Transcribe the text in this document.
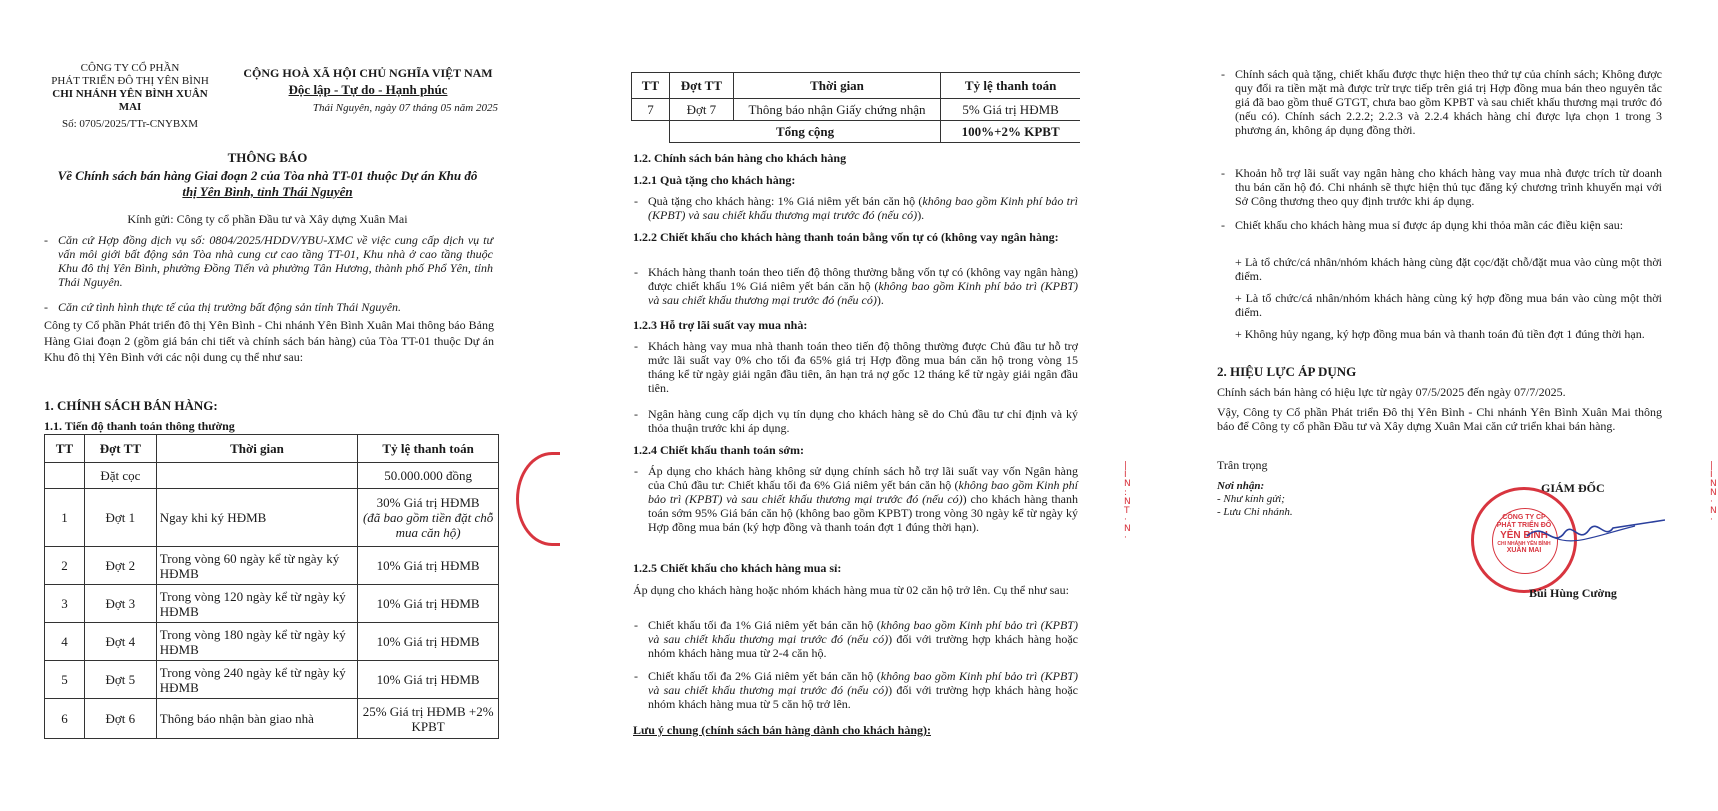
CÔNG TY CỔ PHẦN
PHÁT TRIỂN ĐÔ THỊ YÊN BÌNH
CHI NHÁNH YÊN BÌNH XUÂN MAI
Số: 0705/2025/TTr-CNYBXM
CỘNG HOÀ XÃ HỘI CHỦ NGHĨA VIỆT NAM
Độc lập - Tự do - Hạnh phúc
Thái Nguyên, ngày 07 tháng 05 năm 2025
THÔNG BÁO
Về Chính sách bán hàng Giai đoạn 2 của Tòa nhà TT-01 thuộc Dự án Khu đô
thị Yên Bình, tỉnh Thái Nguyên
Kính gửi: Công ty cổ phần Đầu tư và Xây dựng Xuân Mai
- Căn cứ Hợp đồng dịch vụ số: 0804/2025/HDDV/YBU-XMC về việc cung cấp dịch vụ tư vấn môi giới bất động sản Tòa nhà cung cư cao tầng TT-01, Khu nhà ở cao tầng thuộc Khu đô thị Yên Bình, phường Đồng Tiến và phường Tân Hương, thành phố Phổ Yên, tỉnh Thái Nguyên.
- Căn cứ tình hình thực tế của thị trường bất động sản tỉnh Thái Nguyên.
Công ty Cổ phần Phát triển đô thị Yên Bình - Chi nhánh Yên Bình Xuân Mai thông báo Bảng Hàng Giai đoạn 2 (gồm giá bán chi tiết và chính sách bán hàng) của Tòa TT-01 thuộc Dự án Khu đô thị Yên Bình với các nội dung cụ thể như sau:
1. CHÍNH SÁCH BÁN HÀNG:
1.1. Tiến độ thanh toán thông thường
TT	Đợt TT	Thời gian	Tỷ lệ thanh toán
	Đặt cọc		50.000.000 đồng
1	Đợt 1	Ngay khi ký HĐMB	30% Giá trị HĐMB
(đã bao gồm tiền đặt chỗ mua căn hộ)

2	Đợt 2	Trong vòng 60 ngày kể từ ngày ký HĐMB	10% Giá trị HĐMB
3	Đợt 3	Trong vòng 120 ngày kể từ ngày ký HĐMB	10% Giá trị HĐMB
4	Đợt 4	Trong vòng 180 ngày kể từ ngày ký HĐMB	10% Giá trị HĐMB
5	Đợt 5	Trong vòng 240 ngày kể từ ngày ký HĐMB	10% Giá trị HĐMB
6	Đợt 6	Thông báo nhận bàn giao nhà	25% Giá trị HĐMB +2% KPBT
TT	Đợt TT	Thời gian	Tỷ lệ thanh toán
7	Đợt 7	Thông báo nhận Giấy chứng nhận	5% Giá trị HĐMB
	Tổng cộng		100%+2% KPBT
1.2. Chính sách bán hàng cho khách hàng
1.2.1 Quà tặng cho khách hàng:
- Quà tặng cho khách hàng: 1% Giá niêm yết bán căn hộ (không bao gồm Kinh phí bảo trì (KPBT) và sau chiết khấu thương mại trước đó (nếu có)).
1.2.2 Chiết khấu cho khách hàng thanh toán bằng vốn tự có (không vay ngân hàng:
- Khách hàng thanh toán theo tiến độ thông thường bằng vốn tự có (không vay ngân hàng) được chiết khấu 1% Giá niêm yết bán căn hộ (không bao gồm Kinh phí bảo trì (KPBT) và sau chiết khấu thương mại trước đó (nếu có)).
1.2.3 Hỗ trợ lãi suất vay mua nhà:
- Khách hàng vay mua nhà thanh toán theo tiến độ thông thường được Chủ đầu tư hỗ trợ mức lãi suất vay 0% cho tối đa 65% giá trị Hợp đồng mua bán căn hộ trong vòng 15 tháng kể từ ngày giải ngân đầu tiên, ân hạn trả nợ gốc 12 tháng kể từ ngày giải ngân đầu tiên.
- Ngân hàng cung cấp dịch vụ tín dụng cho khách hàng sẽ do Chủ đầu tư chỉ định và ký thỏa thuận trước khi áp dụng.
1.2.4 Chiết khấu thanh toán sớm:
- Áp dụng cho khách hàng không sử dụng chính sách hỗ trợ lãi suất vay vốn Ngân hàng của Chủ đầu tư: Chiết khấu tối đa 6% Giá niêm yết bán căn hộ (không bao gồm Kinh phí bảo trì (KPBT) và sau chiết khấu thương mại trước đó (nếu có)) cho khách hàng thanh toán sớm 95% Giá bán căn hộ (không bao gồm KPBT) trong vòng 30 ngày kể từ ngày ký Hợp đồng mua bán (ký hợp đồng và thanh toán đợt 1 đúng thời hạn).
1.2.5 Chiết khấu cho khách hàng mua sỉ:
Áp dụng cho khách hàng hoặc nhóm khách hàng mua từ 02 căn hộ trở lên. Cụ thể như sau:
- Chiết khấu tối đa 1% Giá niêm yết bán căn hộ (không bao gồm Kinh phí bảo trì (KPBT) và sau chiết khấu thương mại trước đó (nếu có)) đối với trường hợp khách hàng hoặc nhóm khách hàng mua từ 2-4 căn hộ.
- Chiết khấu tối đa 2% Giá niêm yết bán căn hộ (không bao gồm Kinh phí bảo trì (KPBT) và sau chiết khấu thương mại trước đó (nếu có)) đối với trường hợp khách hàng hoặc nhóm khách hàng mua từ 5 căn hộ trở lên.
Lưu ý chung (chính sách bán hàng dành cho khách hàng):
|
I
N
:
N
T
·
N
·
- Chính sách quà tặng, chiết khấu được thực hiện theo thứ tự của chính sách; Không được quy đổi ra tiền mặt mà được trừ trực tiếp trên giá trị Hợp đồng mua bán theo nguyên tắc giá đã bao gồm thuế GTGT, chưa bao gồm KPBT và sau chiết khấu thương mại trước đó (nếu có). Chính sách 2.2.2; 2.2.3 và 2.2.4 khách hàng chỉ được lựa chọn 1 trong 3 phương án, không áp dụng đồng thời.
- Khoản hỗ trợ lãi suất vay ngân hàng cho khách hàng vay mua nhà được trích từ doanh thu bán căn hộ đó. Chi nhánh sẽ thực hiện thủ tục đăng ký chương trình khuyến mại với Sở Công thương theo quy định trước khi áp dụng.
- Chiết khấu cho khách hàng mua sỉ được áp dụng khi thỏa mãn các điều kiện sau:
+ Là tổ chức/cá nhân/nhóm khách hàng cùng đặt cọc/đặt chỗ/đặt mua vào cùng một thời điểm.
+ Là tổ chức/cá nhân/nhóm khách hàng cùng ký hợp đồng mua bán vào cùng một thời điểm.
+ Không hủy ngang, ký hợp đồng mua bán và thanh toán đủ tiền đợt 1 đúng thời hạn.
2. HIỆU LỰC ÁP DỤNG
Chính sách bán hàng có hiệu lực từ ngày 07/5/2025 đến ngày 07/7/2025.
Vậy, Công ty Cổ phần Phát triển Đô thị Yên Bình - Chi nhánh Yên Bình Xuân Mai thông báo để Công ty cổ phần Đầu tư và Xây dựng Xuân Mai căn cứ triển khai bán hàng.
Trân trọng
Nơi nhận:
- Như kính gửi;
- Lưu Chi nhánh.
GIÁM ĐỐC
CÔNG TY CP
PHÁT TRIỂN ĐÔ
YÊN BÌNH
CHI NHÁNH YÊN BÌNH
XUÂN MAI
Bùi Hùng Cường
|
I
N
N
·
N
·
